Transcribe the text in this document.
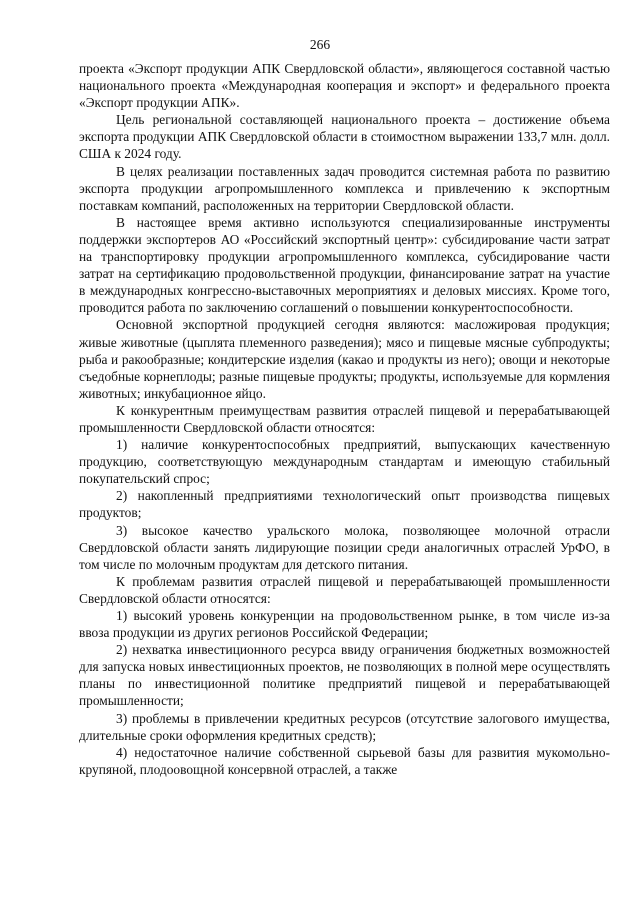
266

проекта «Экспорт продукции АПК Свердловской области», являющегося составной частью национального проекта «Международная кооперация и экспорт» и федерального проекта «Экспорт продукции АПК».

Цель региональной составляющей национального проекта – достижение объема экспорта продукции АПК Свердловской области в стоимостном выражении 133,7 млн. долл. США к 2024 году.

В целях реализации поставленных задач проводится системная работа по развитию экспорта продукции агропромышленного комплекса и привлечению к экспортным поставкам компаний, расположенных на территории Свердловской области.

В настоящее время активно используются специализированные инструменты поддержки экспортеров АО «Российский экспортный центр»: субсидирование части затрат на транспортировку продукции агропромышленного комплекса, субсидирование части затрат на сертификацию продовольственной продукции, финансирование затрат на участие в международных конгрессно-выставочных мероприятиях и деловых миссиях. Кроме того, проводится работа по заключению соглашений о повышении конкурентоспособности.

Основной экспортной продукцией сегодня являются: масложировая продукция; живые животные (цыплята племенного разведения); мясо и пищевые мясные субпродукты; рыба и ракообразные; кондитерские изделия (какао и продукты из него); овощи и некоторые съедобные корнеплоды; разные пищевые продукты; продукты, используемые для кормления животных; инкубационное яйцо.

К конкурентным преимуществам развития отраслей пищевой и перерабатывающей промышленности Свердловской области относятся:

1) наличие конкурентоспособных предприятий, выпускающих качественную продукцию, соответствующую международным стандартам и имеющую стабильный покупательский спрос;

2) накопленный предприятиями технологический опыт производства пищевых продуктов;

3) высокое качество уральского молока, позволяющее молочной отрасли Свердловской области занять лидирующие позиции среди аналогичных отраслей УрФО, в том числе по молочным продуктам для детского питания.

К проблемам развития отраслей пищевой и перерабатывающей промышленности Свердловской области относятся:

1) высокий уровень конкуренции на продовольственном рынке, в том числе из-за ввоза продукции из других регионов Российской Федерации;

2) нехватка инвестиционного ресурса ввиду ограничения бюджетных возможностей для запуска новых инвестиционных проектов, не позволяющих в полной мере осуществлять планы по инвестиционной политике предприятий пищевой и перерабатывающей промышленности;

3) проблемы в привлечении кредитных ресурсов (отсутствие залогового имущества, длительные сроки оформления кредитных средств);

4) недостаточное наличие собственной сырьевой базы для развития мукомольно-крупяной, плодоовощной консервной отраслей, а также
